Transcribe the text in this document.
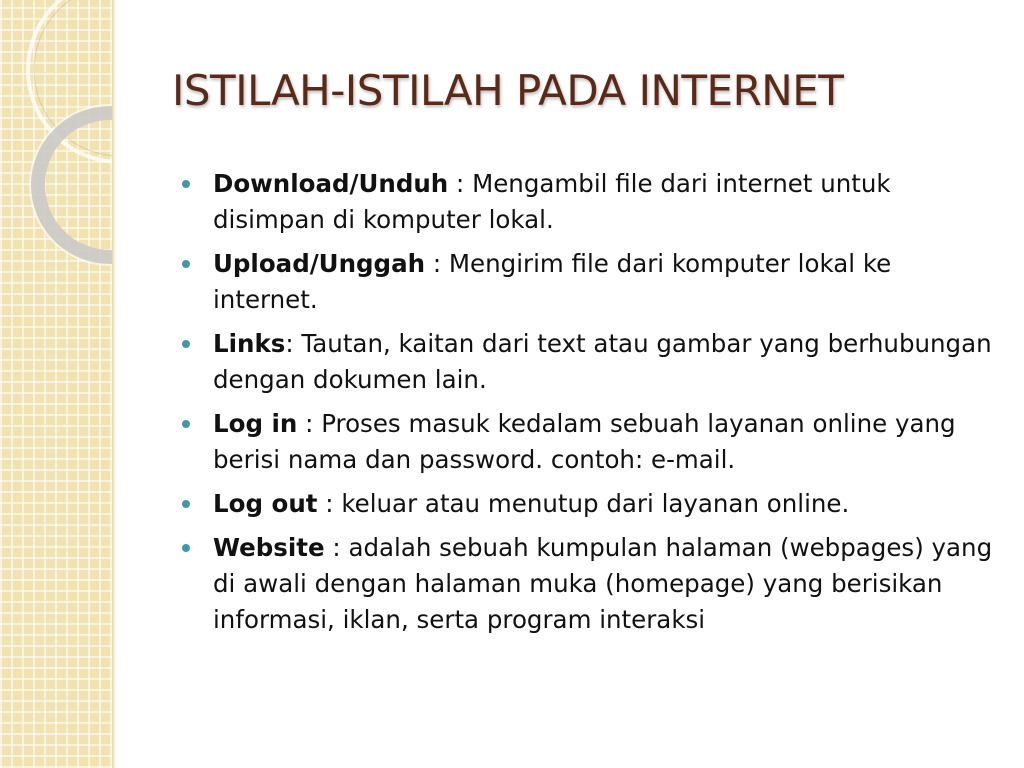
ISTILAH-ISTILAH PADA INTERNET
Download/Unduh : Mengambil file dari internet untuk disimpan di komputer lokal.
Upload/Unggah : Mengirim file dari komputer lokal ke internet.
Links: Tautan, kaitan dari text atau gambar yang berhubungan dengan dokumen lain.
Log in : Proses masuk kedalam sebuah layanan online yang berisi nama dan password. contoh: e-mail.
Log out : keluar atau menutup dari layanan online.
Website : adalah sebuah kumpulan halaman (webpages) yang di awali dengan halaman muka (homepage) yang berisikan informasi, iklan, serta program interaksi
